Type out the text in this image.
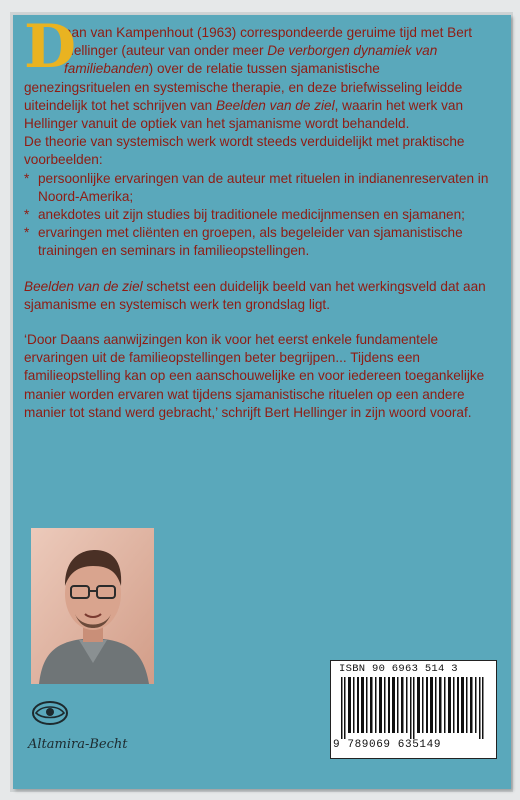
D
aan van Kampenhout (1963) correspondeerde geruime tijd met Bert Hellinger (auteur van onder meer De verborgen dynamiek van familiebanden) over de relatie tussen sjamanistische genezingsrituelen en systemische therapie, en deze briefwisseling leidde uiteindelijk tot het schrijven van Beelden van de ziel, waarin het werk van Hellinger vanuit de optiek van het sjamanisme wordt behandeld.

De theorie van systemisch werk wordt steeds verduidelijkt met praktische voorbeelden:

* persoonlijke ervaringen van de auteur met rituelen in indianenreservaten in Noord-Amerika;
* anekdotes uit zijn studies bij traditionele medicijnmensen en sjamanen;
* ervaringen met cliënten en groepen, als begeleider van sjamanistische trainingen en seminars in familieopstellingen.

Beelden van de ziel schetst een duidelijk beeld van het werkingsveld dat aan sjamanisme en systemisch werk ten grondslag ligt.

‘Door Daans aanwijzingen kon ik voor het eerst enkele fundamentele ervaringen uit de familieopstellingen beter begrijpen... Tijdens een familieopstelling kan op een aanschouwelijke en voor iedereen toegankelijke manier worden ervaren wat tijdens sjamanistische rituelen op een andere manier tot stand werd gebracht,’ schrijft Bert Hellinger in zijn woord vooraf.

ISBN 90 6963 514 3
9 789069 635149
Altamira-Becht
